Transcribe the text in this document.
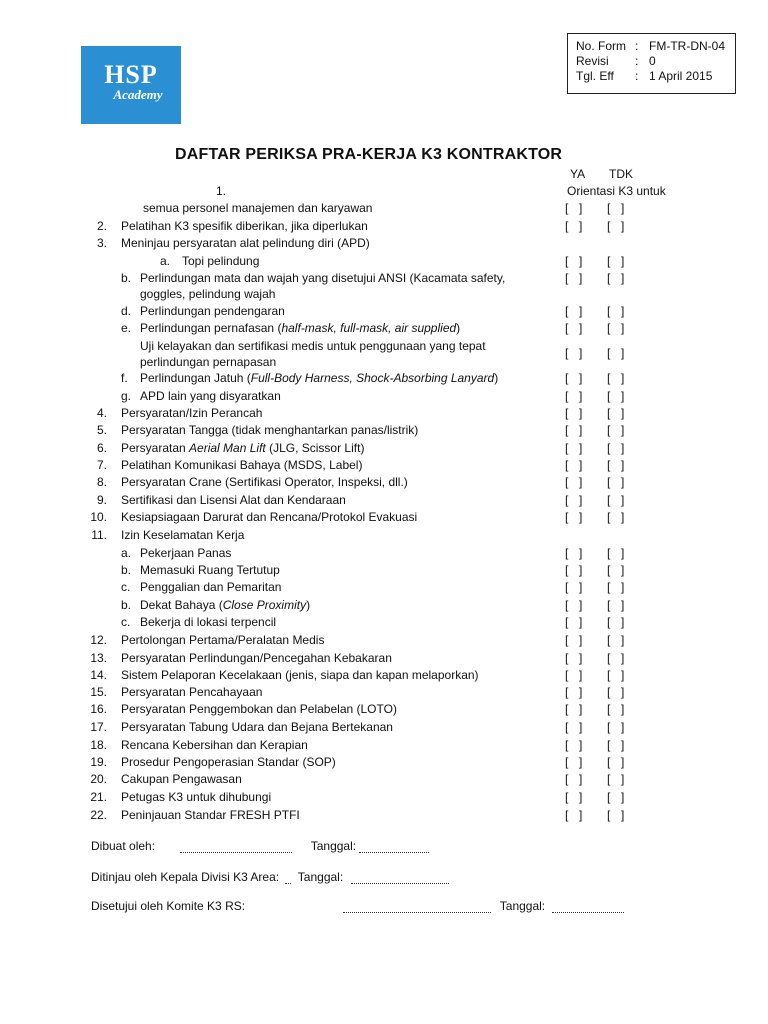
HSP
Academy
No. Form : FM-TR-DN-04
Revisi : 0
Tgl. Eff : 1 April 2015
DAFTAR PERIKSA PRA-KERJA K3 KONTRAKTOR
YA TDK
1.	Orientasi K3 untuk
semua personel manajemen dan karyawan	[ ]	[ ]
2. Pelatihan K3 spesifik diberikan, jika diperlukan	[ ]	[ ]
3. Meninjau persyaratan alat pelindung diri (APD)
a. Topi pelindung	[ ]	[ ]
b. Perlindungan mata dan wajah yang disetujui ANSI (Kacamata safety,
goggles, pelindung wajah
[ ]	[ ]
d. Perlindungan pendengaran	[ ]	[ ]
e. Perlindungan pernafasan (half-mask, full-mask, air supplied)	[ ]	[ ]
Uji kelayakan dan sertifikasi medis untuk penggunaan yang tepat
perlindungan pernapasan
[ ]	[ ]
f. Perlindungan Jatuh (Full-Body Harness, Shock-Absorbing Lanyard)	[ ]	[ ]
g. APD lain yang disyaratkan	[ ]	[ ]
4. Persyaratan/Izin Perancah	[ ]	[ ]
5. Persyaratan Tangga (tidak menghantarkan panas/listrik)	[ ]	[ ]
6. Persyaratan Aerial Man Lift (JLG, Scissor Lift)	[ ]	[ ]
7. Pelatihan Komunikasi Bahaya (MSDS, Label)	[ ]	[ ]
8. Persyaratan Crane (Sertifikasi Operator, Inspeksi, dll.)	[ ]	[ ]
9. Sertifikasi dan Lisensi Alat dan Kendaraan	[ ]	[ ]
10. Kesiapsiagaan Darurat dan Rencana/Protokol Evakuasi	[ ]	[ ]
11. Izin Keselamatan Kerja
a. Pekerjaan Panas	[ ]	[ ]
b. Memasuki Ruang Tertutup	[ ]	[ ]
c. Penggalian dan Pemaritan	[ ]	[ ]
b. Dekat Bahaya (Close Proximity)	[ ]	[ ]
c. Bekerja di lokasi terpencil	[ ]	[ ]
12. Pertolongan Pertama/Peralatan Medis	[ ]	[ ]
13. Persyaratan Perlindungan/Pencegahan Kebakaran	[ ]	[ ]
14. Sistem Pelaporan Kecelakaan (jenis, siapa dan kapan melaporkan)	[ ]	[ ]
15. Persyaratan Pencahayaan	[ ]	[ ]
16. Persyaratan Penggembokan dan Pelabelan (LOTO)	[ ]	[ ]
17. Persyaratan Tabung Udara dan Bejana Bertekanan	[ ]	[ ]
18. Rencana Kebersihan dan Kerapian	[ ]	[ ]
19. Prosedur Pengoperasian Standar (SOP)	[ ]	[ ]
20. Cakupan Pengawasan	[ ]	[ ]
21. Petugas K3 untuk dihubungi	[ ]	[ ]
22. Peninjauan Standar FRESH PTFI	[ ]	[ ]
Dibuat oleh:	Tanggal:
Ditinjau oleh Kepala Divisi K3 Area: Tanggal:
Disetujui oleh Komite K3 RS:	Tanggal:
